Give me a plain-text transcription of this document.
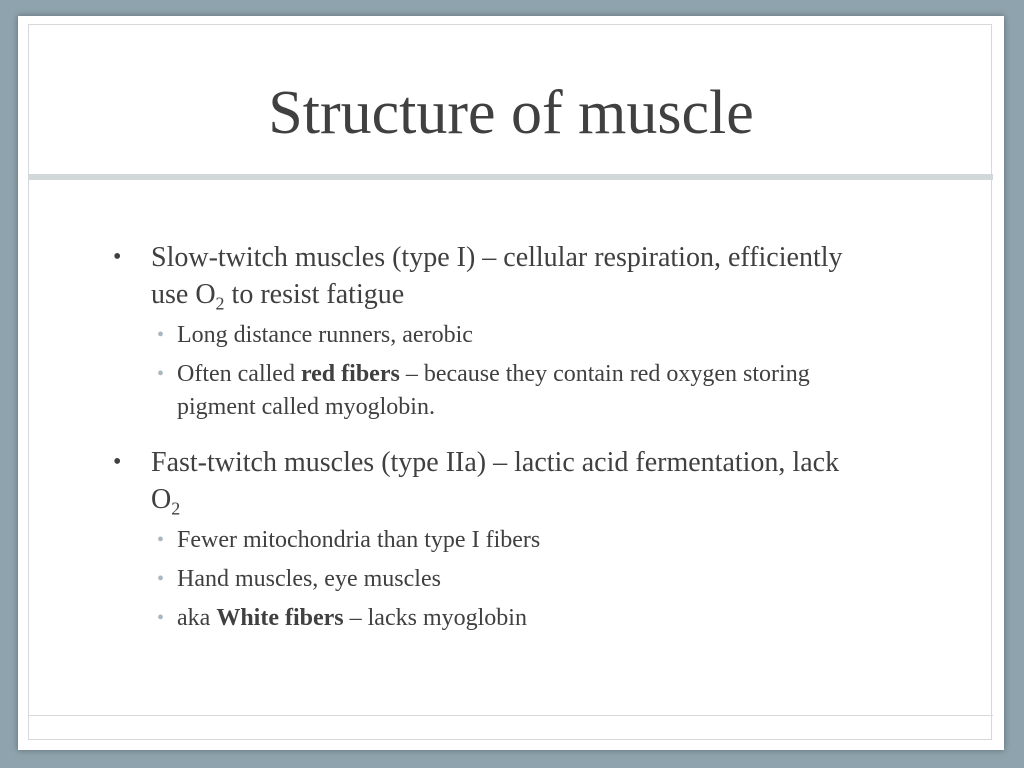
Structure of muscle
• Slow-twitch muscles (type I) – cellular respiration, efficiently use $O_2$ to resist fatigue
• Long distance runners, aerobic
• Often called red fibers – because they contain red oxygen storing pigment called myoglobin.
• Fast-twitch muscles (type IIa) – lactic acid fermentation, lack $O_2$
• Fewer mitochondria than type I fibers
• Hand muscles, eye muscles
• aka White fibers – lacks myoglobin
